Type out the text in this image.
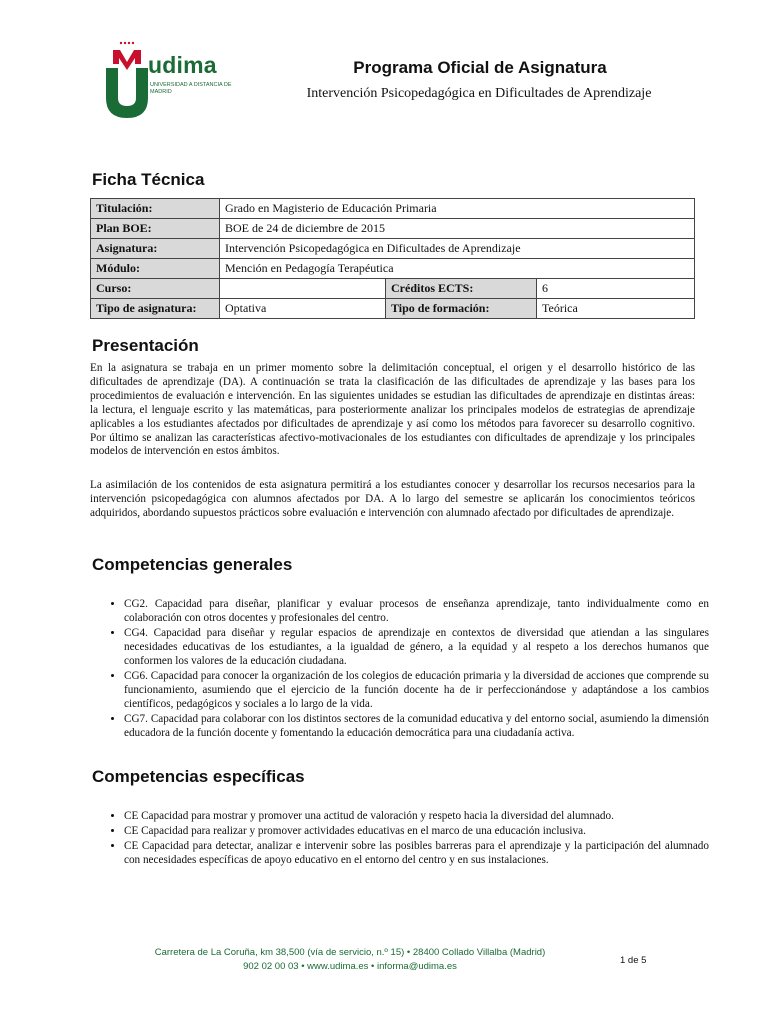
udima
UNIVERSIDAD A DISTANCIA DE MADRID
Programa Oficial de Asignatura

Intervención Psicopedagógica en Dificultades de Aprendizaje

Ficha Técnica
Titulación:	Grado en Magisterio de Educación Primaria		
Plan BOE:	BOE de 24 de diciembre de 2015		
Asignatura:	Intervención Psicopedagógica en Dificultades de Aprendizaje		
Módulo:	Mención en Pedagogía Terapéutica		
Curso:		Créditos ECTS:	6
Tipo de asignatura:	Optativa	Tipo de formación:	Teórica
Presentación

En la asignatura se trabaja en un primer momento sobre la delimitación conceptual, el origen y el desarrollo histórico de las dificultades de aprendizaje (DA). A continuación se trata la clasificación de las dificultades de aprendizaje y las bases para los procedimientos de evaluación e intervención. En las siguientes unidades se estudian las dificultades de aprendizaje en distintas áreas: la lectura, el lenguaje escrito y las matemáticas, para posteriormente analizar los principales modelos de estrategias de aprendizaje aplicables a los estudiantes afectados por dificultades de aprendizaje y así como los métodos para favorecer su desarrollo cognitivo. Por último se analizan las características afectivo-motivacionales de los estudiantes con dificultades de aprendizaje y los principales modelos de intervención en estos ámbitos.

La asimilación de los contenidos de esta asignatura permitirá a los estudiantes conocer y desarrollar los recursos necesarios para la intervención psicopedagógica con alumnos afectados por DA. A lo largo del semestre se aplicarán los conocimientos teóricos adquiridos, abordando supuestos prácticos sobre evaluación e intervención con alumnado afectado por dificultades de aprendizaje.

Competencias generales
• CG2. Capacidad para diseñar, planificar y evaluar procesos de enseñanza aprendizaje, tanto individualmente como en colaboración con otros docentes y profesionales del centro.
• CG4. Capacidad para diseñar y regular espacios de aprendizaje en contextos de diversidad que atiendan a las singulares necesidades educativas de los estudiantes, a la igualdad de género, a la equidad y al respeto a los derechos humanos que conformen los valores de la educación ciudadana.
• CG6. Capacidad para conocer la organización de los colegios de educación primaria y la diversidad de acciones que comprende su funcionamiento, asumiendo que el ejercicio de la función docente ha de ir perfeccionándose y adaptándose a los cambios científicos, pedagógicos y sociales a lo largo de la vida.
• CG7. Capacidad para colaborar con los distintos sectores de la comunidad educativa y del entorno social, asumiendo la dimensión educadora de la función docente y fomentando la educación democrática para una ciudadanía activa.
Competencias específicas
• CE Capacidad para mostrar y promover una actitud de valoración y respeto hacia la diversidad del alumnado.
• CE Capacidad para realizar y promover actividades educativas en el marco de una educación inclusiva.
• CE Capacidad para detectar, analizar e intervenir sobre las posibles barreras para el aprendizaje y la participación del alumnado con necesidades específicas de apoyo educativo en el entorno del centro y en sus instalaciones.
Carretera de La Coruña, km 38,500 (vía de servicio, n.º 15) • 28400 Collado Villalba (Madrid)
902 02 00 03 • www.udima.es • informa@udima.es
1 de 5
